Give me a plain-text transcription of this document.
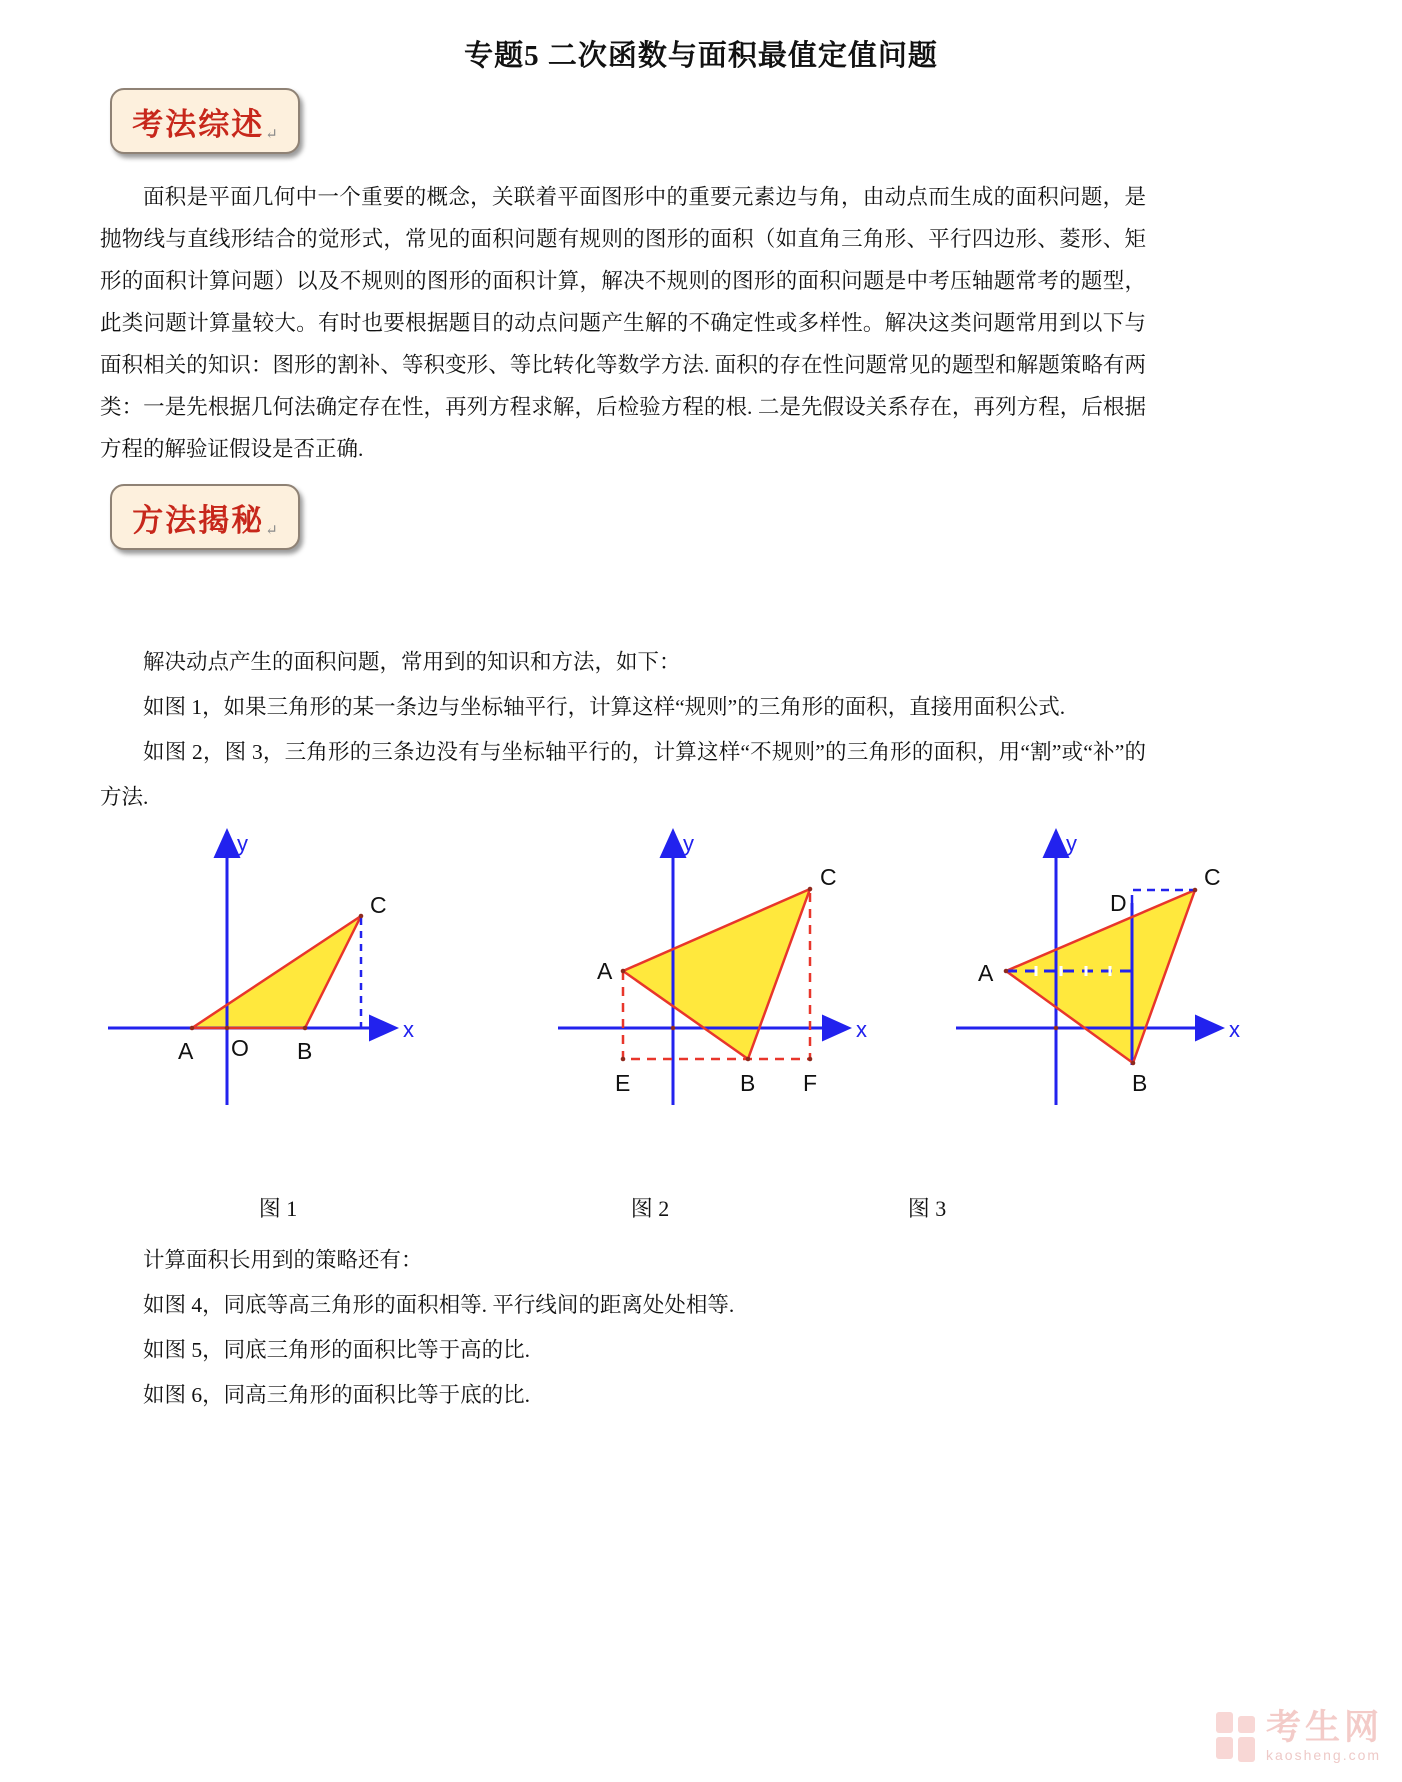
专题5 二次函数与面积最值定值问题
考法综述 ↵

面积是平面几何中一个重要的概念，关联着平面图形中的重要元素边与角，由动点而生成的面积问题，是抛物线与直线形结合的觉形式，常见的面积问题有规则的图形的面积（如直角三角形、平行四边形、菱形、矩形的面积计算问题）以及不规则的图形的面积计算，解决不规则的图形的面积问题是中考压轴题常考的题型，此类问题计算量较大。有时也要根据题目的动点问题产生解的不确定性或多样性。解决这类问题常用到以下与面积相关的知识：图形的割补、等积变形、等比转化等数学方法. 面积的存在性问题常见的题型和解题策略有两类：一是先根据几何法确定存在性，再列方程求解，后检验方程的根. 二是先假设关系存在，再列方程，后根据方程的解验证假设是否正确.

方法揭秘 ↵

解决动点产生的面积问题，常用到的知识和方法，如下：

如图 1，如果三角形的某一条边与坐标轴平行，计算这样“规则”的三角形的面积，直接用面积公式.

如图 2，图 3，三角形的三条边没有与坐标轴平行的，计算这样“不规则”的三角形的面积，用“割”或“补”的方法.

y
x
A O B
C
y
x
A
E	B F
C
y
x
A
D
B
C
图 1	图 2	图 3

计算面积长用到的策略还有：

如图 4，同底等高三角形的面积相等. 平行线间的距离处处相等.

如图 5，同底三角形的面积比等于高的比.

如图 6，同高三角形的面积比等于底的比.

考生网
kaosheng.com
